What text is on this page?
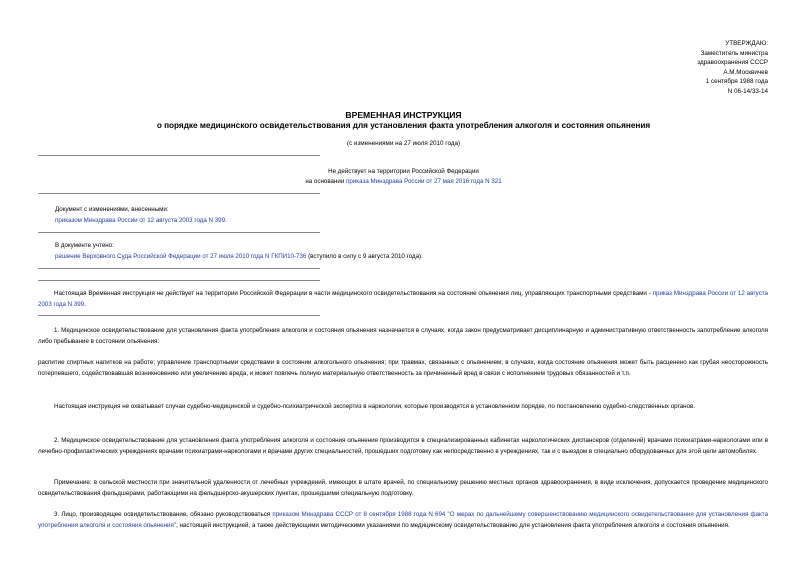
УТВЕРЖДАЮ:
Заместитель министра
здравоохранения СССР
А.М.Москвичев
1 сентября 1988 года
N 06-14/33-14
ВРЕМЕННАЯ ИНСТРУКЦИЯ
о порядке медицинского освидетельствования для установления факта употребления алкоголя и состояния опьянения
(с изменениями на 27 июля 2010 года)
Не действует на территории Российской Федерации
на основании приказа Минздрава России от 27 мая 2016 года N 321
Документ с изменениями, внесенными:
приказом Минздрава России от 12 августа 2003 года N 399.
В документе учтено:
решение Верховного Суда Российской Федерации от 27 июля 2010 года N ГКПИ10-736 (вступило в силу с 9 августа 2010 года).
Настоящая Временная инструкция не действует на территории Российской Федерации в части медицинского освидетельствования на состояние опьянения лиц, управляющих транспортными средствами - приказ Минздрава России от 12 августа 2003 года N 399.
1. Медицинское освидетельствование для установления факта употребления алкоголя и состояния опьянения назначается в случаях, когда закон предусматривает дисциплинарную и административную ответственность запотребление алкоголя либо пребывание в состоянии опьянения:
распитие спиртных напитков на работе; управление транспортными средствами в состоянии алкогольного опьянения; при травмах, связанных с опьянением; в случаях, когда состояние опьянения может быть расценено как грубая неосторожность потерпевшего, содействовавшая возникновению или увеличению вреда, и может повлечь полную материальную ответственность за причиненный вред в связи с исполнением трудовых обязанностей и т.п.
Настоящая инструкция не охватывает случаи судебно-медицинской и судебно-психиатрической экспертиз в наркологии, которые производятся в установленном порядке, по постановлению судебно-следственных органов.
2. Медицинское освидетельствование для установления факта употребления алкоголя и состояния опьянения производится в специализированных кабинетах наркологических диспансеров (отделений) врачами психиатрами-наркологами или в лечебно-профилактических учреждениях врачами психиатрами-наркологами и врачами других специальностей, прошедших подготовку как непосредственно в учреждениях, так и с выездом в специально оборудованных для этой цели автомобилях.
Примечание: в сельской местности при значительной удаленности от лечебных учреждений, имеющих в штате врачей, по специальному решению местных органов здравоохранения, в виде исключения, допускается проведение медицинского освидетельствования фельдшерами, работающими на фельдшерско-акушерских пунктах, прошедшими специальную подготовку.
3. Лицо, производящее освидетельствование, обязано руководствоваться приказом Минздрава СССР от 8 сентября 1988 года N 694 "О мерах по дальнейшему совершенствованию медицинского освидетельствования для установления факта употребления алкоголя и состояния опьянения", настоящей инструкцией, а также действующими методическими указаниями по медицинскому освидетельствованию для установления факта употребления алкоголя и состояния опьянения.
